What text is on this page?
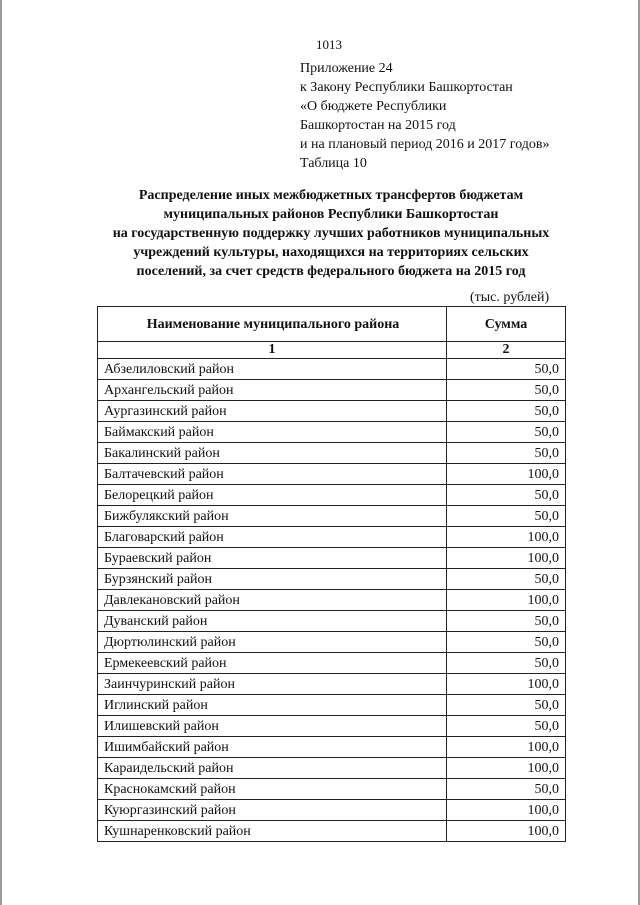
1013
Приложение 24
к Закону Республики Башкортостан
«О бюджете Республики
Башкортостан на 2015 год
и на плановый период 2016 и 2017 годов»
Таблица 10
Распределение иных межбюджетных трансфертов бюджетам
муниципальных районов Республики Башкортостан
на государственную поддержку лучших работников муниципальных
учреждений культуры, находящихся на территориях сельских
поселений, за счет средств федерального бюджета на 2015 год
(тыс. рублей)
Наименование муниципального района	Сумма
1	2
Абзелиловский район	50,0
Архангельский район	50,0
Аургазинский район	50,0
Баймакский район	50,0
Бакалинский район	50,0
Балтачевский район	100,0
Белорецкий район	50,0
Бижбулякский район	50,0
Благоварский район	100,0
Бураевский район	100,0
Бурзянский район	50,0
Давлекановский район	100,0
Дуванский район	50,0
Дюртюлинский район	50,0
Ермекеевский район	50,0
Заинчуринский район	100,0
Иглинский район	50,0
Илишевский район	50,0
Ишимбайский район	100,0
Караидельский район	100,0
Краснокамский район	50,0
Куюргазинский район	100,0
Кушнаренковский район	100,0
